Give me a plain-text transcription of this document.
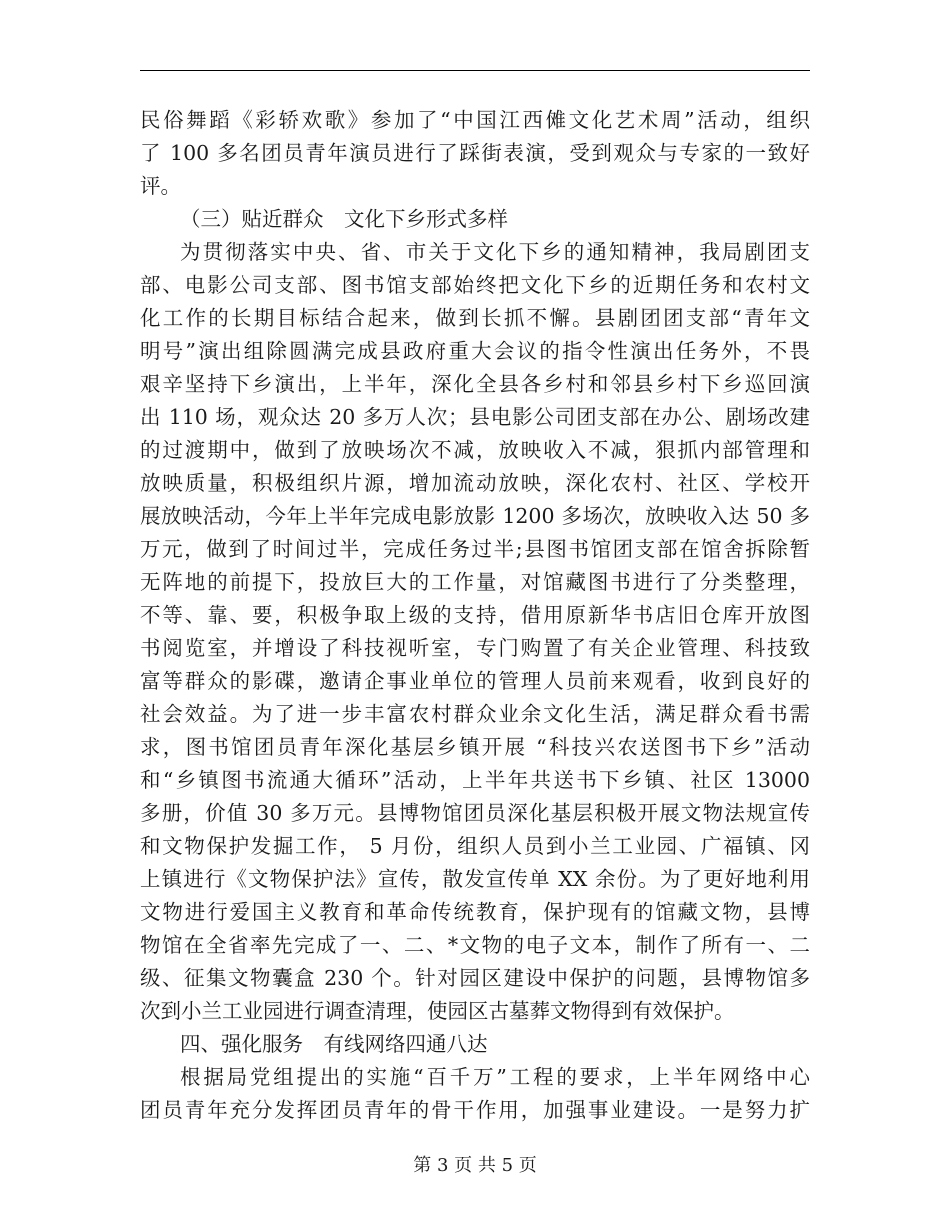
民俗舞蹈《彩轿欢歌》参加了“中国江西傩文化艺术周”活动，组织
了 100 多名团员青年演员进行了踩街表演，受到观众与专家的一致好
评。
（三）贴近群众　文化下乡形式多样
为贯彻落实中央、省、市关于文化下乡的通知精神，我局剧团支
部、电影公司支部、图书馆支部始终把文化下乡的近期任务和农村文
化工作的长期目标结合起来，做到长抓不懈。县剧团团支部“青年文
明号”演出组除圆满完成县政府重大会议的指令性演出任务外，不畏
艰辛坚持下乡演出，上半年，深化全县各乡村和邻县乡村下乡巡回演
出 110 场，观众达 20 多万人次；县电影公司团支部在办公、剧场改建
的过渡期中，做到了放映场次不减，放映收入不减，狠抓内部管理和
放映质量，积极组织片源，增加流动放映，深化农村、社区、学校开
展放映活动，今年上半年完成电影放影 1200 多场次，放映收入达 50 多
万元，做到了时间过半，完成任务过半;县图书馆团支部在馆舍拆除暂
无阵地的前提下，投放巨大的工作量，对馆藏图书进行了分类整理，
不等、靠、要，积极争取上级的支持，借用原新华书店旧仓库开放图
书阅览室，并增设了科技视听室，专门购置了有关企业管理、科技致
富等群众的影碟，邀请企事业单位的管理人员前来观看，收到良好的
社会效益。为了进一步丰富农村群众业余文化生活，满足群众看书需
求，图书馆团员青年深化基层乡镇开展 “科技兴农送图书下乡”活动
和“乡镇图书流通大循环”活动，上半年共送书下乡镇、社区 13000
多册，价值 30 多万元。县博物馆团员深化基层积极开展文物法规宣传
和文物保护发掘工作， 5 月份，组织人员到小兰工业园、广福镇、冈
上镇进行《文物保护法》宣传，散发宣传单 XX 余份。为了更好地利用
文物进行爱国主义教育和革命传统教育，保护现有的馆藏文物，县博
物馆在全省率先完成了一、二、*文物的电子文本，制作了所有一、二
级、征集文物囊盒 230 个。针对园区建设中保护的问题，县博物馆多
次到小兰工业园进行调查清理，使园区古墓葬文物得到有效保护。
四、强化服务　有线网络四通八达
根据局党组提出的实施“百千万”工程的要求，上半年网络中心
团员青年充分发挥团员青年的骨干作用，加强事业建设。一是努力扩
第 3 页 共 5 页
